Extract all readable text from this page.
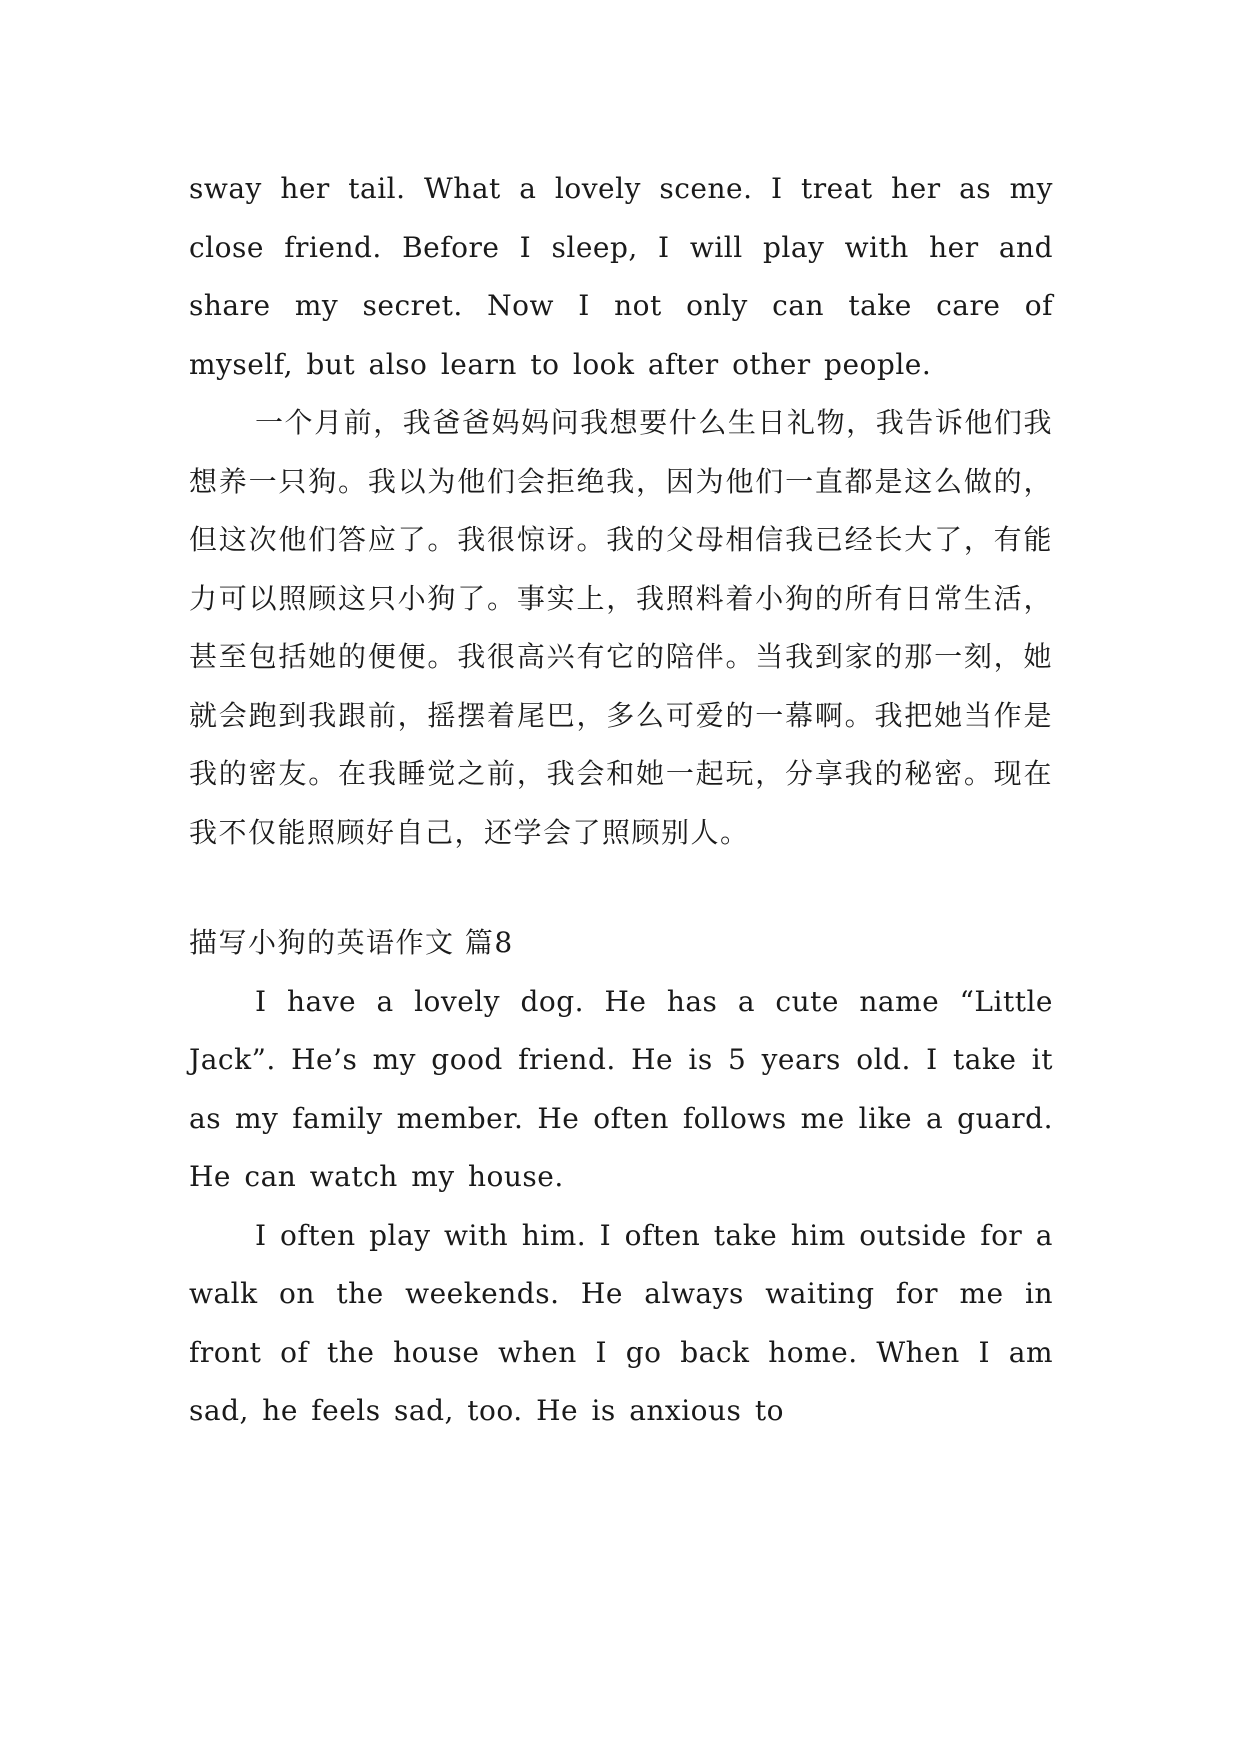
sway her tail. What a lovely scene. I treat her as my close friend. Before I sleep, I will play with her and share my secret. Now I not only can take care of myself, but also learn to look after other people.

一个月前，我爸爸妈妈问我想要什么生日礼物，我告诉他们我想养一只狗。我以为他们会拒绝我，因为他们一直都是这么做的，但这次他们答应了。我很惊讶。我的父母相信我已经长大了，有能力可以照顾这只小狗了。事实上，我照料着小狗的所有日常生活，甚至包括她的便便。我很高兴有它的陪伴。当我到家的那一刻，她就会跑到我跟前，摇摆着尾巴，多么可爱的一幕啊。我把她当作是我的密友。在我睡觉之前，我会和她一起玩，分享我的秘密。现在我不仅能照顾好自己，还学会了照顾别人。

描写小狗的英语作文 篇8

I have a lovely dog. He has a cute name “Little Jack”. He’s my good friend. He is 5 years old. I take it as my family member. He often follows me like a guard. He can watch my house.

I often play with him. I often take him outside for a walk on the weekends. He always waiting for me in front of the house when I go back home. When I am sad, he feels sad, too. He is anxious to
